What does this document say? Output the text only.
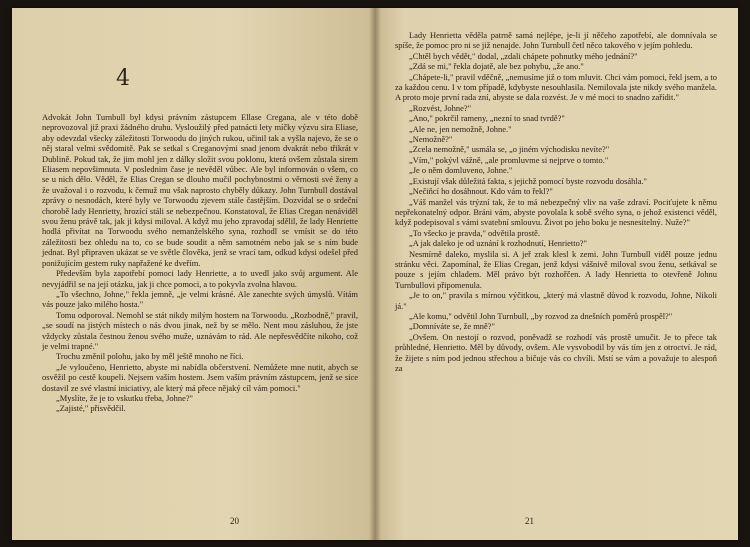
4

Advokát John Turnbull byl kdysi právním zástupcem Ellase Cregana, ale v této době neprovozoval již praxi žádného druhu. Vysloužilý před patnácti lety míčky výzvu sira Eliase, aby odevzdal všecky záležitosti Torwoodu do jiných rukou, učinil tak a vyšla najevo, že se o něj staral velmi svědomitě. Pak se setkal s Creganovými snad jenom dvakrát nebo třikrát v Dublině. Pokud tak, že jim mohl jen z dálky složit svou poklonu, která ovšem zůstala sirem Eliasem nepovšimnuta. V poslednim čase je nevěděl vůbec. Ale byl informován o všem, co se u nich dělo. Věděl, že Elias Cregan se dlouho mučil pochybnostmi o věrnosti své ženy a že uvažoval i o rozvodu, k čemuž mu však naprosto chyběly důkazy. John Turnbull dostával zprávy o nesnodách, které byly ve Torwoodu zjevem stále častějším. Dozvídal se o srdeční chorobě lady Henrietty, hrozící stáli se nebezpečnou. Konstatoval, že Elias Cregan nenáviděl svou ženu právě tak, jak ji kdysi miloval. A když mu jeho zpravodaj sdělil, že lady Henriette hodlá přivítat na Torwoodu svého nemanželského syna, rozhodl se vmísit se do této záležitosti bez ohledu na to, co se bude soudit a něm samotném nebo jak se s ním bude jednat. Byl připraven ukázat se ve světle člověka, jenž se vrací tam, odkud kdysi odešel před ponižujícím gestem ruky napřažené ke dveřím.

Především byla zapotřebí pomoci lady Henriette, a to uvedl jako svůj argument. Ale nevyjádřil se na její otázku, jak ji chce pomoci, a to pokyvla zvolna hlavou.

„To všechno, Johne," řekla jemně, „je velmi krásné. Ale zanechte svých úmyslů. Vítám vás pouze jako milého hosta."

Tomu odporoval. Nemohl se stát nikdy milým hostem na Torwoodu. „Rozbodně," pravil, „se soudí na jistých místech o nás dvou jinak, než by se mělo. Nent mou zásluhou, že jste vždycky zůstala čestnou ženou svého muže, uznávám to rád. Ale nepřesvědčíte nikoho, což je velmi trapné."

Trochu změnil polohu, jako by měl ještě mnoho ne říci.

„Je vyloučeno, Henrietto, abyste mi nabídla občerstvení. Nemůžete mne nutit, abych se osvěžil po cestě koupeli. Nejsem vaším hostem. Jsem vaším právním zástupcem, jenž se sice dostavil ze své vlastní iniciativy, ale který má přece nějaký cíl vám pomoci."

„Myslíte, že je to vskutku třeba, Johne?"

„Zajisté," přisvědčil.

20

Lady Henrietta věděla patrně samá nejlépe, je-li jí něčeho zapotřebí, ale domnívala se spíše, že pomoc pro ni se již nenajde. John Turnbull četl něco takového v jejím pohledu.

„Chtěl bych vědět," dodal, „zdali chápete pohnutky mého jednání?"

„Zdá se mi," řekla dojatě, ale bez pohybu, „že ano."

„Chápete-li," pravil vděčně, „nemusíme již o tom mluvit. Chci vám pomoci, řekl jsem, a to za každou cenu. I v tom případě, kdybyste nesouhlasila. Nemilovala jste nikdy svého manžela. A proto moje první rada zní, abyste se dala rozvést. Je v mé moci to snadno zařídit."

„Rozvést, Johne?"

„Ano," pokrčil rameny, „nezní to snad tvrdě?"

„Ale ne, jen nemožně, Johne."

„Nemožně?"

„Zcela nemožně," usmála se, „o jiném východisku nevíte?"

„Vím," pokývl vážně, „ale promluvme si nejprve o tomto."

„Je o něm domluveno, Johne."

„Existují však důležitá fakta, s jejichž pomocí byste rozvodu dosáhla."

„Nečiňcí ho dosáhnout. Kdo vám to řekl?"

„Váš manžel vás trýzní tak, že to má nebezpečný vliv na vaše zdraví. Pociťujete k němu nepřekonatelný odpor. Bráni vám, abyste povolala k sobě svého syna, o jehož existenci věděl, když podepisoval s vámi svatební smlouvu. Život po jeho boku je nesnesitelný. Nuže?"

„To všecko je pravda," odvětila prostě.

„A jak daleko je od uznání k rozhodnutí, Henrietto?"

Nesmírně daleko, myslila si. A jeř zrak klesl k zemi. John Turnbull viděl pouze jednu stránku věci. Zapomínal, že Elias Cregan, jenž kdysi vášnivě miloval svou ženu, setkával se pouze s jejím chladem. Měl právo být rozhořčen. A lady Henrietta to otevřeně Johnu Turnbullovi připomenula.

„Je to on," pravila s mírnou výčitkou, „který má vlastně důvod k rozvodu, Johne, Nikoli já."

„Ale komu," odvětil John Turnbull, „by rozvod za dnešních poměrů prospěl?"

„Domníváte se, že mně?"

„Ovšem. On nestojí o rozvod, poněvadž se rozhodí vás prostě umučit. Je to přece tak průhledné, Henrietto. Měl by důvody, ovšem. Ale vysvobodil by vás tím jen z otroctví. Je rád, že žijete s ním pod jednou střechou a bičuje vás co chvíli. Mstí se vám a považuje to alespoň za

21
